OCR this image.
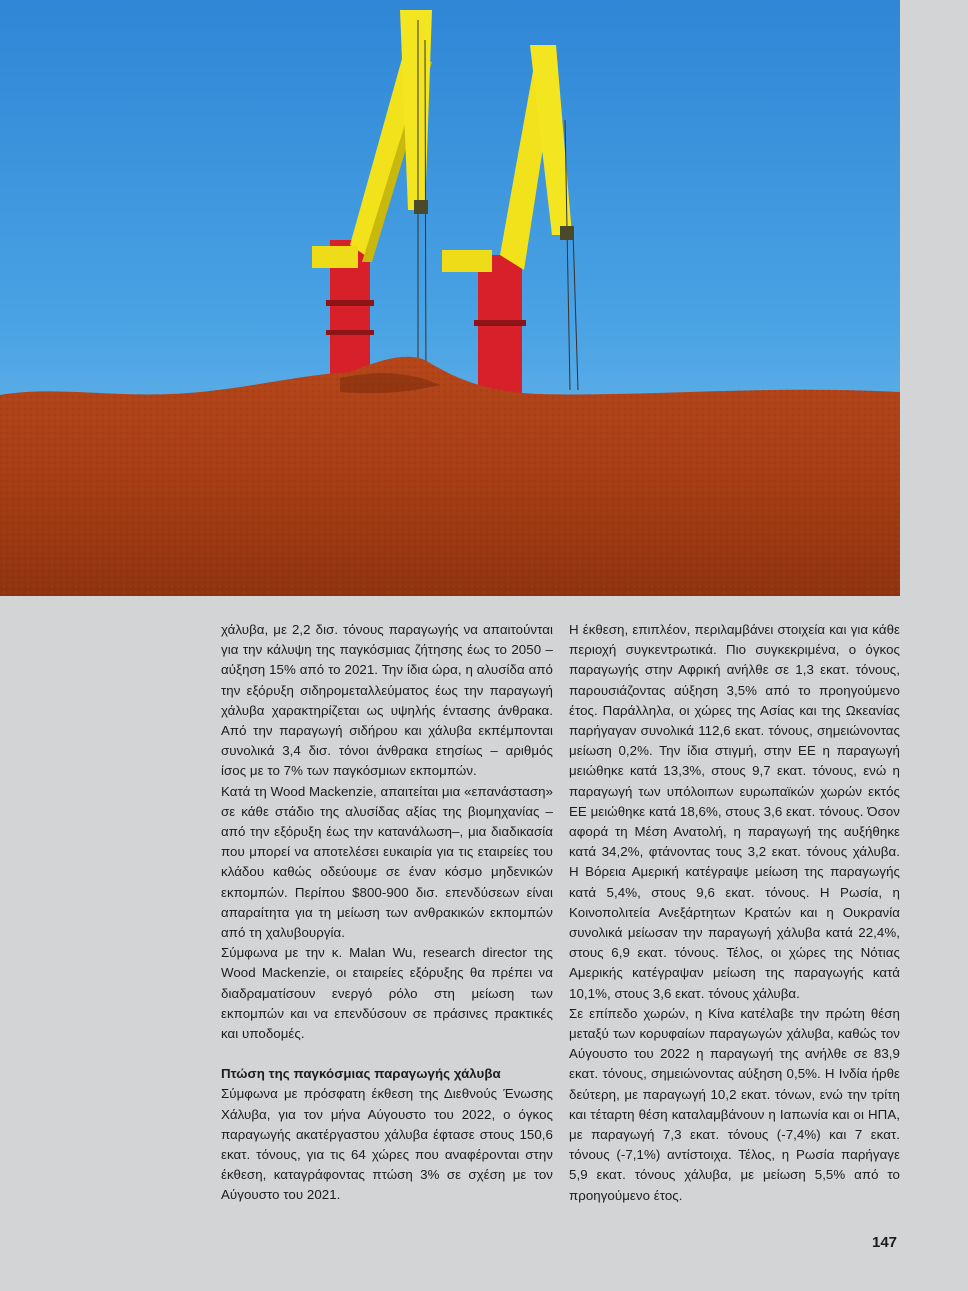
χάλυβα, με 2,2 δισ. τόνους παραγωγής να απαιτούνται για την κάλυψη της παγκόσμιας ζήτησης έως το 2050 – αύξηση 15% από το 2021. Την ίδια ώρα, η αλυσίδα από την εξόρυξη σιδηρομεταλλεύματος έως την παραγωγή χάλυβα χαρακτηρίζεται ως υψηλής έντασης άνθρακα. Από την παραγωγή σιδήρου και χάλυβα εκπέμπονται συνολικά 3,4 δισ. τόνοι άνθρακα ετησίως – αριθμός ίσος με το 7% των παγκόσμιων εκπομπών.

Κατά τη Wood Mackenzie, απαιτείται μια «επανάσταση» σε κάθε στάδιο της αλυσίδας αξίας της βιομηχανίας –από την εξόρυξη έως την κατανάλωση–, μια διαδικασία που μπορεί να αποτελέσει ευκαιρία για τις εταιρείες του κλάδου καθώς οδεύουμε σε έναν κόσμο μηδενικών εκπομπών. Περίπου $800-900 δισ. επενδύσεων είναι απαραίτητα για τη μείωση των ανθρακικών εκπομπών από τη χαλυβουργία.

Σύμφωνα με την κ. Malan Wu, research director της Wood Mackenzie, οι εταιρείες εξόρυξης θα πρέπει να διαδραματίσουν ενεργό ρόλο στη μείωση των εκπομπών και να επενδύσουν σε πράσινες πρακτικές και υποδομές.

Πτώση της παγκόσμιας παραγωγής χάλυβα

Σύμφωνα με πρόσφατη έκθεση της Διεθνούς Ένωσης Χάλυβα, για τον μήνα Αύγουστο του 2022, ο όγκος παραγωγής ακατέργαστου χάλυβα έφτασε στους 150,6 εκατ. τόνους, για τις 64 χώρες που αναφέρονται στην έκθεση, καταγράφοντας πτώση 3% σε σχέση με τον Αύγουστο του 2021.

Η έκθεση, επιπλέον, περιλαμβάνει στοιχεία και για κάθε περιοχή συγκεντρωτικά. Πιο συγκεκριμένα, ο όγκος παραγωγής στην Αφρική ανήλθε σε 1,3 εκατ. τόνους, παρουσιάζοντας αύξηση 3,5% από το προηγούμενο έτος. Παράλληλα, οι χώρες της Ασίας και της Ωκεανίας παρήγαγαν συνολικά 112,6 εκατ. τόνους, σημειώνοντας μείωση 0,2%. Την ίδια στιγμή, στην ΕΕ η παραγωγή μειώθηκε κατά 13,3%, στους 9,7 εκατ. τόνους, ενώ η παραγωγή των υπόλοιπων ευρωπαϊκών χωρών εκτός ΕΕ μειώθηκε κατά 18,6%, στους 3,6 εκατ. τόνους. Όσον αφορά τη Μέση Ανατολή, η παραγωγή της αυξήθηκε κατά 34,2%, φτάνοντας τους 3,2 εκατ. τόνους χάλυβα. Η Βόρεια Αμερική κατέγραψε μείωση της παραγωγής κατά 5,4%, στους 9,6 εκατ. τόνους. Η Ρωσία, η Κοινοπολιτεία Ανεξάρτητων Κρατών και η Ουκρανία συνολικά μείωσαν την παραγωγή χάλυβα κατά 22,4%, στους 6,9 εκατ. τόνους. Τέλος, οι χώρες της Νότιας Αμερικής κατέγραψαν μείωση της παραγωγής κατά 10,1%, στους 3,6 εκατ. τόνους χάλυβα.

Σε επίπεδο χωρών, η Κίνα κατέλαβε την πρώτη θέση μεταξύ των κορυφαίων παραγωγών χάλυβα, καθώς τον Αύγουστο του 2022 η παραγωγή της ανήλθε σε 83,9 εκατ. τόνους, σημειώνοντας αύξηση 0,5%. Η Ινδία ήρθε δεύτερη, με παραγωγή 10,2 εκατ. τόνων, ενώ την τρίτη και τέταρτη θέση καταλαμβάνουν η Ιαπωνία και οι ΗΠΑ, με παραγωγή 7,3 εκατ. τόνους (-7,4%) και 7 εκατ. τόνους (-7,1%) αντίστοιχα. Τέλος, η Ρωσία παρήγαγε 5,9 εκατ. τόνους χάλυβα, με μείωση 5,5% από το προηγούμενο έτος.

147
